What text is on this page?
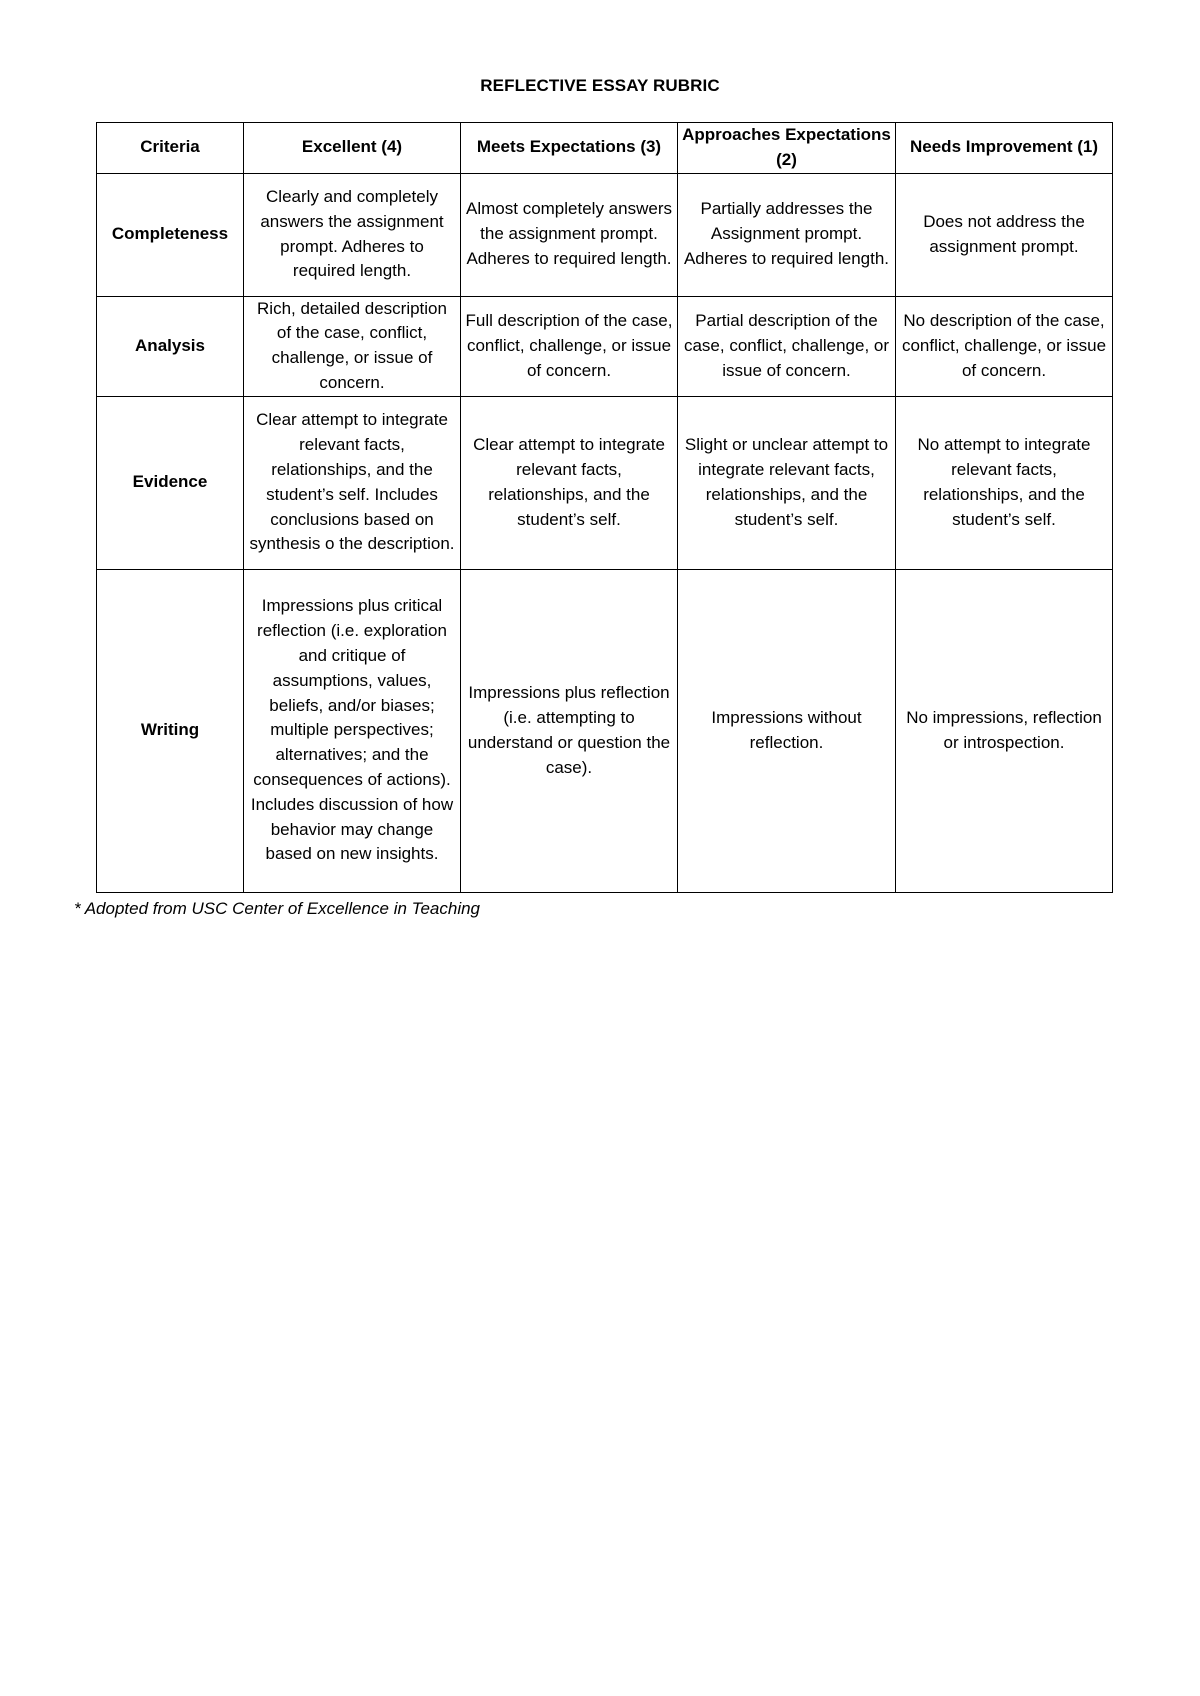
REFLECTIVE ESSAY RUBRIC
Criteria	Excellent (4)	Meets Expectations (3)	Approaches Expectations (2)	Needs Improvement (1)
Completeness	Clearly and completely answers the assignment prompt. Adheres to required length.	Almost completely answers the assignment prompt. Adheres to required length.	Partially addresses the Assignment prompt. Adheres to required length.	Does not address the assignment prompt.

Analysis	Rich, detailed description of the case, conflict, challenge, or issue of concern.	Full description of the case, conflict, challenge, or issue of concern.	Partial description of the case, conflict, challenge, or issue of concern.	No description of the case, conflict, challenge, or issue of concern.

Evidence	Clear attempt to integrate relevant facts, relationships, and the student’s self. Includes conclusions based on synthesis o the description.	Clear attempt to integrate relevant facts, relationships, and the student’s self.	Slight or unclear attempt to integrate relevant facts, relationships, and the student’s self.	No attempt to integrate relevant facts, relationships, and the student’s self.

Writing	Impressions plus critical reflection (i.e. exploration and critique of assumptions, values, beliefs, and/or biases; multiple perspectives; alternatives; and the consequences of actions). Includes discussion of how behavior may change based on new insights.	Impressions plus reflection (i.e. attempting to understand or question the case).	Impressions without reflection.	No impressions, reflection or introspection.
* Adopted from USC Center of Excellence in Teaching
